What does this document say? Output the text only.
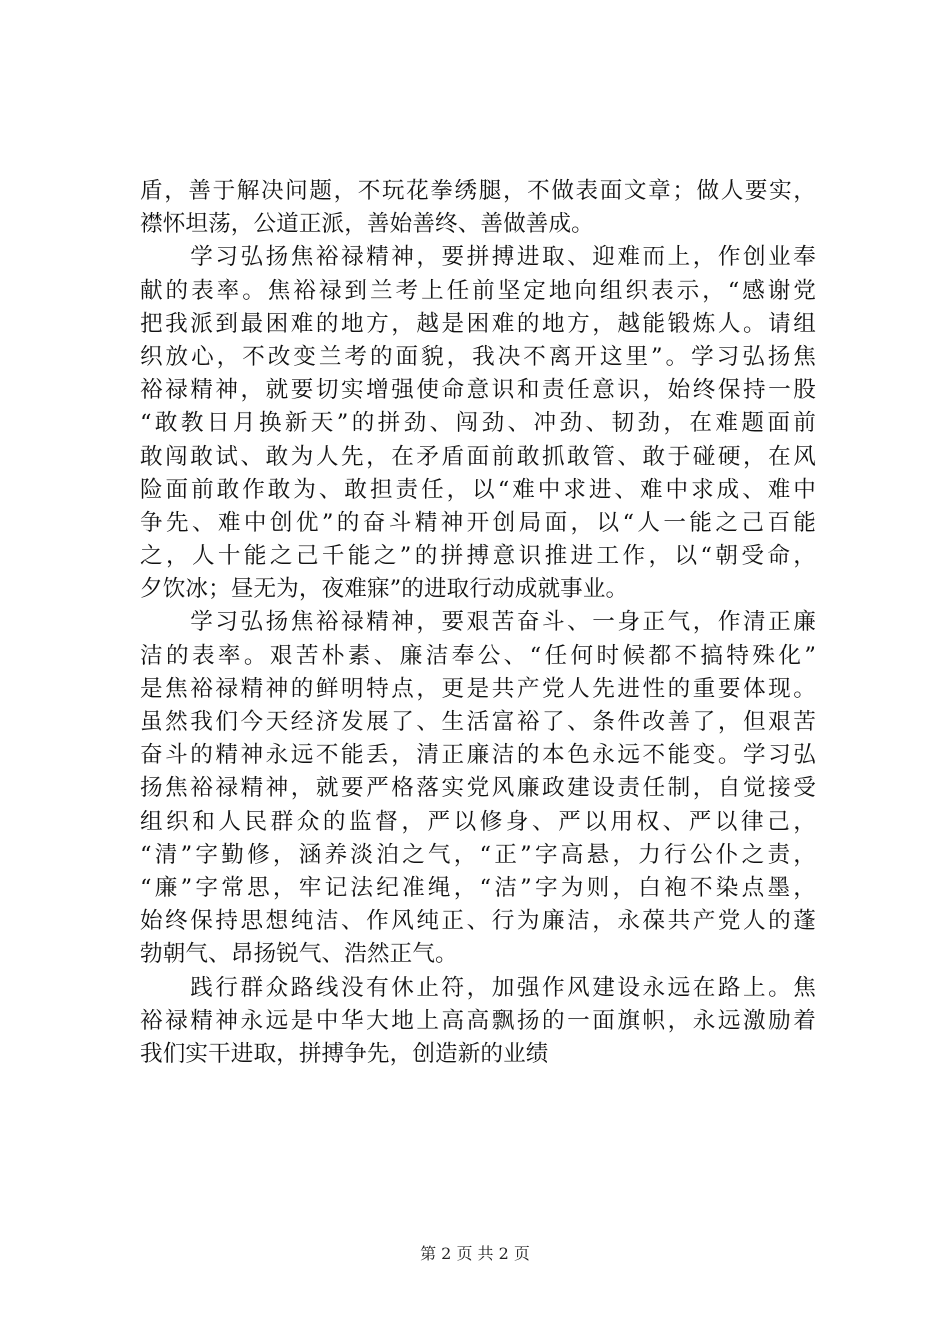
盾，善于解决问题，不玩花拳绣腿，不做表面文章；做人要实，
襟怀坦荡，公道正派，善始善终、善做善成。
　　学习弘扬焦裕禄精神，要拼搏进取、迎难而上，作创业奉
献的表率。焦裕禄到兰考上任前坚定地向组织表示，“感谢党
把我派到最困难的地方，越是困难的地方，越能锻炼人。请组
织放心，不改变兰考的面貌，我决不离开这里”。学习弘扬焦
裕禄精神，就要切实增强使命意识和责任意识，始终保持一股
“敢教日月换新天”的拼劲、闯劲、冲劲、韧劲，在难题面前
敢闯敢试、敢为人先，在矛盾面前敢抓敢管、敢于碰硬，在风
险面前敢作敢为、敢担责任，以“难中求进、难中求成、难中
争先、难中创优”的奋斗精神开创局面，以“人一能之己百能
之，人十能之己千能之”的拼搏意识推进工作，以“朝受命，
夕饮冰；昼无为，夜难寐”的进取行动成就事业。
　　学习弘扬焦裕禄精神，要艰苦奋斗、一身正气，作清正廉
洁的表率。艰苦朴素、廉洁奉公、“任何时候都不搞特殊化”
是焦裕禄精神的鲜明特点，更是共产党人先进性的重要体现。
虽然我们今天经济发展了、生活富裕了、条件改善了，但艰苦
奋斗的精神永远不能丢，清正廉洁的本色永远不能变。学习弘
扬焦裕禄精神，就要严格落实党风廉政建设责任制，自觉接受
组织和人民群众的监督，严以修身、严以用权、严以律己，
“清”字勤修，涵养淡泊之气，“正”字高悬，力行公仆之责，
“廉”字常思，牢记法纪准绳，“洁”字为则，白袍不染点墨，
始终保持思想纯洁、作风纯正、行为廉洁，永葆共产党人的蓬
勃朝气、昂扬锐气、浩然正气。
　　践行群众路线没有休止符，加强作风建设永远在路上。焦
裕禄精神永远是中华大地上高高飘扬的一面旗帜，永远激励着
我们实干进取，拼搏争先，创造新的业绩
第 2 页 共 2 页
